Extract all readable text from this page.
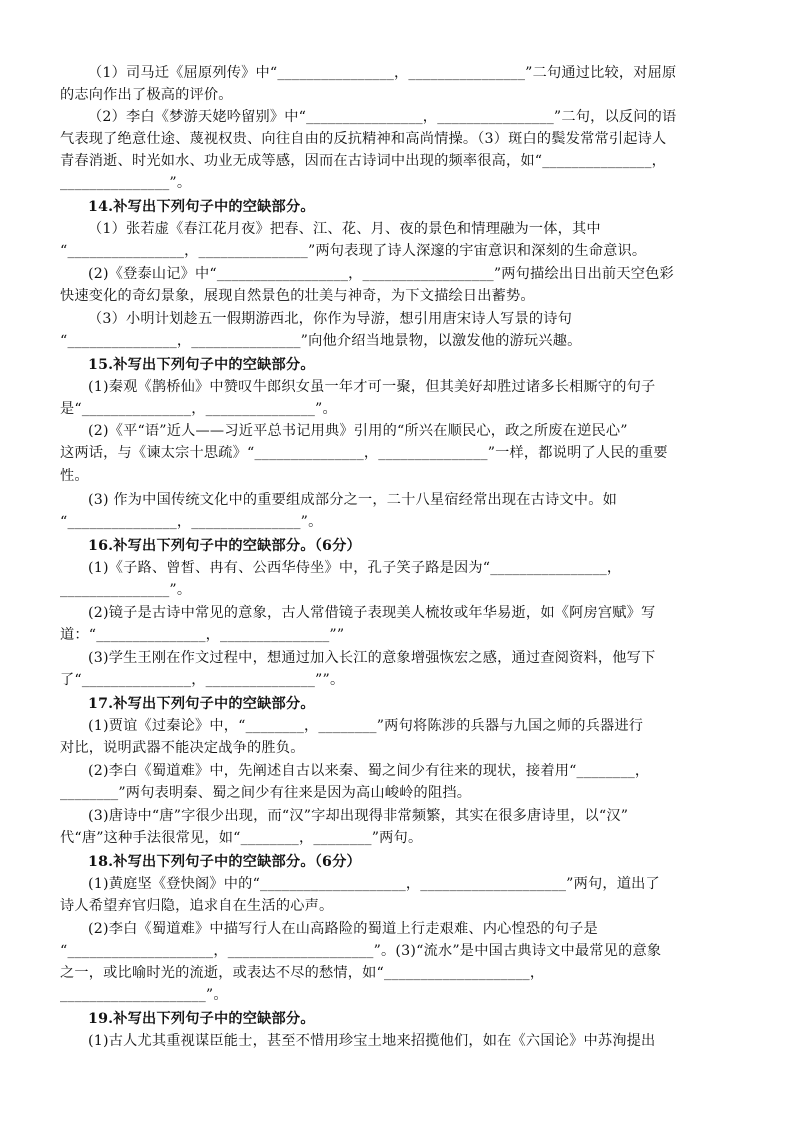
（1）司马迁《屈原列传》中“________________，________________”二句通过比较，对屈原
的志向作出了极高的评价。
（2）李白《梦游天姥吟留别》中“________________，________________”二句，以反问的语
气表现了绝意仕途、蔑视权贵、向往自由的反抗精神和高尚情操。（3）斑白的鬓发常常引起诗人
青春消逝、时光如水、功业无成等感，因而在古诗词中出现的频率很高，如“_______________，
_______________”。
14.补写出下列句子中的空缺部分。
（1）张若虚《春江花月夜》把春、江、花、月、夜的景色和情理融为一体，其中
“________________，_______________”两句表现了诗人深邃的宇宙意识和深刻的生命意识。
(2)《登泰山记》中“__________________，__________________”两句描绘出日出前天空色彩
快速变化的奇幻景象，展现自然景色的壮美与神奇，为下文描绘日出蓄势。
（3）小明计划趁五一假期游西北，你作为导游，想引用唐宋诗人写景的诗句
“_______________，_______________”向他介绍当地景物，以激发他的游玩兴趣。
15.补写出下列句子中的空缺部分。
(1)秦观《鹊桥仙》中赞叹牛郎织女虽一年才可一聚，但其美好却胜过诸多长相厮守的句子
是“_______________，_______________”。
(2)《平“语”近人——习近平总书记用典》引用的“所兴在顺民心，政之所废在逆民心”
这两话，与《谏太宗十思疏》“_______________，_______________”一样，都说明了人民的重要
性。
(3) 作为中国传统文化中的重要组成部分之一，二十八星宿经常出现在古诗文中。如
“_______________，_______________”。
16.补写出下列句子中的空缺部分。（6分）
(1)《子路、曾皙、冉有、公西华侍坐》中，孔子笑子路是因为“________________，
_______________”。
(2)镜子是古诗中常见的意象，古人常借镜子表现美人梳妆或年华易逝，如《阿房宫赋》写
道：“_______________，_______________””
(3)学生王刚在作文过程中，想通过加入长江的意象增强恢宏之感，通过查阅资料，他写下
了“_______________，_______________””。
17.补写出下列句子中的空缺部分。
(1)贾谊《过秦论》中，“________，________”两句将陈涉的兵器与九国之师的兵器进行
对比，说明武器不能决定战争的胜负。
(2)李白《蜀道难》中，先阐述自古以来秦、蜀之间少有往来的现状，接着用“________，
________”两句表明秦、蜀之间少有往来是因为高山峻岭的阻挡。
(3)唐诗中“唐”字很少出现，而“汉”字却出现得非常频繁，其实在很多唐诗里，以“汉”
代“唐”这种手法很常见，如“________，________”两句。
18.补写出下列句子中的空缺部分。（6分）
(1)黄庭坚《登快阁》中的“____________________，____________________”两句，道出了
诗人希望弃官归隐，追求自在生活的心声。
(2)李白《蜀道难》中描写行人在山高路险的蜀道上行走艰难、内心惶恐的句子是
“____________________，____________________”。(3)“流水”是中国古典诗文中最常见的意象
之一，或比喻时光的流逝，或表达不尽的愁情，如“____________________，
____________________”。
19.补写出下列句子中的空缺部分。
(1)古人尤其重视谋臣能士，甚至不惜用珍宝土地来招揽他们，如在《六国论》中苏洵提出
